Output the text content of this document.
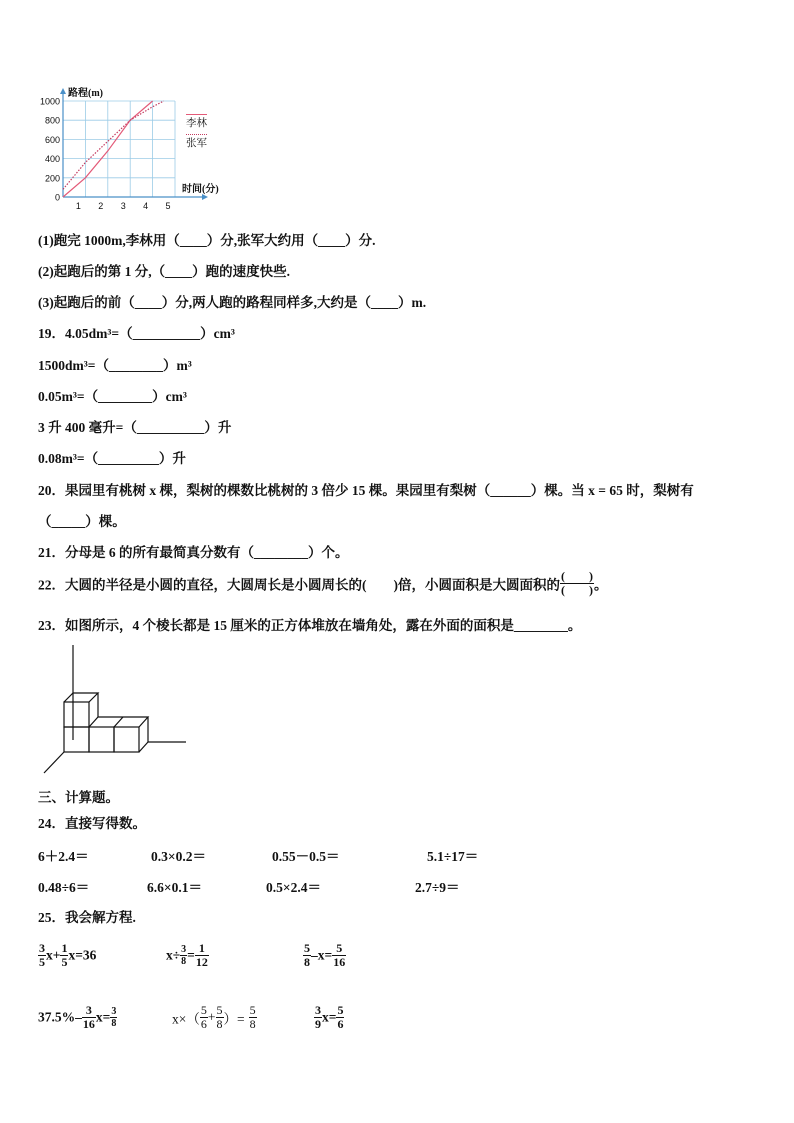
0
200
400
600
800
1000
1 2 3 4 5
路程(m)
时间(分)
李林
张军
(1)跑完 1000m,李林用（____）分,张军大约用（____）分.
(2)起跑后的第 1 分,（____）跑的速度快些.
(3)起跑后的前（____）分,两人跑的路程同样多,大约是（____）m.
19．4.05dm³=（__________）cm³
1500dm³=（________）m³
0.05m³=（________）cm³
3 升 400 毫升=（__________）升
0.08m³=（_________）升
20．果园里有桃树 x 棵，梨树的棵数比桃树的 3 倍少 15 棵。果园里有梨树（______）棵。当 x = 65 时，梨树有
（_____）棵。
21．分母是 6 的所有最简真分数有（________）个。
22．大圆的半径是小圆的直径，大圆周长是小圆周长的(　　)倍，小圆面积是大圆面积的 $\frac{( )}{( )}$ 。
23．如图所示，4 个棱长都是 15 厘米的正方体堆放在墙角处，露在外面的面积是________。
三、计算题。
24．直接写得数。
6＋2.4＝	0.3×0.2＝	0.55－0.5＝	5.1÷17＝
0.48÷6＝	6.6×0.1＝	0.5×2.4＝	2.7÷9＝
25．我会解方程.
$\frac{3}{5} x+ \frac{1}{5} x=36$	$x\div \frac{3}{8} = \frac{1}{12}$	$\frac{5}{8} -x= \frac{5}{16}$
$37.5\%- \frac{3}{16} x= \frac{3}{8}$	$x\times( \frac{5}{6} + \frac{5}{8}$ ）= $\frac{5}{8}$	$\frac{3}{9} x= \frac{5}{6}$
